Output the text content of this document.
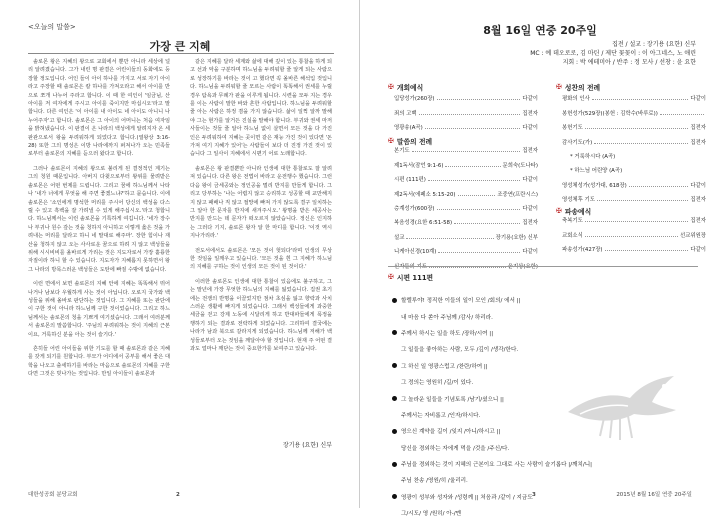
<오늘의 말씀>
가장 큰 지혜

솔로몬 왕은 지혜의 왕으로 교회에서 뿐만 아니라 세상에 널리 알려졌습니다. 그가 내린 명 판결은 어린이들의 동화에도 등장할 정도입니다. 어인 들이 아이 하나를 가지고 서로 자기 아이라고 주장할 때 솔로몬은 칼 하나를 가져오라고 해서 아이를 반으로 쪼개 나누어 주라고 합니다. 이 때 한 여인이 '임금님, 산 아이를 저 여자에게 주시고 아이를 죽이지만 마십시오'라고 말합니다. 다른 여인은 '이 아이를 내 아이도 네 아이도 아니니 나누어주자'고 합니다. 솔로몬은 그 아이의 어머니는 처음 여자임을 밝혀냈습니다. 이 판결이 온 나라의 백성에게 알려지자 온 세판관으로서 왕을 두려워하게 되었다고 합니다.(열왕상 3:16-28) 또한 그의 명성은 이방 나라에까지 퍼져나가 오는 민족들로부터 솔로몬의 지혜를 듣으러 왔다고 합니다.

그러나 솔로몬이 지혜의 왕으로 불리게 된 결정적인 계기는 그의 청원 때문입니다. 아버지 다윗으로부터 왕위를 물려받은 솔로몬은 어떤 번제를 드립니다. 그리고 꿈에 하느님께서 나타나 '내가 너에게 무엇을 해 주면 좋겠느냐?'하고 묻습니다. 이에 솔로몬은 '소인에게 명석한 머리를 주시어 당신의 백성을 다스릴 수 있고 흑백을 잘 가려낼 수 있게 해주십시오.'라고 청합니다. 하느님께서는 이런 솔로몬을 기특하게 여깁니다. '네가 장수나 부귀나 원수 갚는 것을 청하지 아니하고 이렇게 옳은 것을 가려내는 머리를 달라고 하니 네 말대로 해주마'. 장한 힘이나 재산을 청하지 않고 오는 사사로운 꿈으로 하려 지 않고 백성들을 위해 시시비비를 올바르게 가리는 것은 지도자로서 가장 훌륭한 자질이라 하니 할 수 있습니다. 지도자가 지혜롭지 못하면서 왕 그 나라의 방목스러운 백성들은 도탄에 빠질 수밖에 없습니다.

이런 면에서 보면 솔로몬의 지혜 안에 지혜는 똑똑해서 뛰어나거나 남보다 우월하게 사는 것이 아닙니다. 오로지 국가와 백성들을 위해 올바로 판단하는 것입니다. 그 지혜를 또는 판단에 이 구한 것이 아니라 하느님께 구한 것이었습니다. 그리고 하느님께서는 솔로몬의 청을 기쁘게 여기셨습니다. 그래서 여러분께서 솔로몬의 말씀합니다. '주님의 두려워하는 것이 지혜의 근본이요, 거룩하신 분을 아는 것이 슬기다.'

흔히들 어린 아이들을 위한 기도를 할 때 솔로몬과 같은 지혜를 갖게 되기를 원합니다. 부모가 어디에서 공부를 해서 좋은 대학을 나오고 출세하기를 바라는 마음으로 솔로몬의 지혜를 구한다면 그것은 빗나가는 것입니다. 만일 아이들이 솔로몬과

같은 지혜를 달라 세계와 삶에 대해 깊이 있는 통찰을 하게 되고 선과 악을 구분하며 하느님을 두려워할 줄 알게 되는 사람으로 성장하기를 바라는 것이 고 했다면 꼭 올바른 해석입 것입니다. 하느님을 두려워할 줄 모르는 사람이 똑똑해서 권세를 누릴 경우 탐욕과 무례가 판을 이루게 됩니다. 시련을 모두 지는 경우를 이는 사람이 말한 바와 흔한 사람입니다. 하느님을 두려워할 줄 아는 사람은 하정 겸을 가지 않습니다. 삶이 일찍 알까 말해야 그는 현가를 알거든 진실을 말해야 합니다. 부귀와 권세 마저 사들이는 것들 줄 알아 하느님 없이 살면서 모든 것을 다 가진 인은 두려워하여 지혜는 곳이면 같은 재능 가진 것이 있다면 '돈가져 여기 지혜가 있어'는 사람들이 보다 더 진정 가진 것이 있습니다 그 일사이 지혜에서 시편기 어로 노래합니다.

솔로몬은 왕 판결뿐만 아니라 인생에 대한 통찰로도 잘 알려져 있습니다. 다른 왕은 전법이 바라고 운전행수 했습니다. 그런 다음 왕이 금세공와는 정인공을 멀리 반지를 만들게 합니다. 그리고 당부하는 '나는 어렵지 않고 승리하고 성공할 때 교만해지지 않고 패배나 직 않고 절망에 빠져 가지 않도록 결구 일치하는 그 알아 한 문자를 반지에 새겨주시오.' 왕명을 받은 세공사는 반지를 만드는 데 문자가 떠오르지 않았습니다. 정신은 인지하는 그러다 기지, 솔로몬 왕자 알 한 마디를 합니다. '이것 역시 지나가리라.'

전도서에서도 솔로몬은 '모든 것이 헛되다'라며 인생의 무상한 것임을 일깨우고 있습니다. '모든 것을 흰 그 지혜가 하느님의 지혜를 구하는 것이 인생의 모든 것이 된 것이다.'

이러한 솔로몬도 인생에 대한 통찰이 있음에도 불구하고, 그는 말년에 가장 무엇한 하느님의 지혜를 잃었습니다. 집권 초기에는 전쟁의 반명을 이끌었지만 점차 초심을 잃고 향락과 사치스러운 생활에 빠지게 되었습니다. 그래서 백성들에게 과중한 세금을 걷고 강제 노동에 시달리게 하고 반대파들에게 폭정을 행하기 되는 결과로 전락하게 되었습니다. 그리하여 결국에는 나라가 남과 북으로 갈라지게 되었습니다. 하느님께 저해가 백성들로부터 오는 것임을 깨달아야 할 것입니다. 현재 주 어떤 결과도 얼마나 깨닫는 것이 중요한가를 보여주고 있습니다.

장기용 (요한) 신부
대한성공회 분당교회	2
8월 16일 연중 20주일
집전 / 설교 : 장기용 (요한) 신부
MC : 예 데오로로, 김 마틴 / 제단 꽃꽂이 : 이 아그네스, 노 애린
지회 : 박 에테미아 / 반주 : 정 모사 / 선창 : 윤 요한
✠ 개회예식
입당성가(260장)	다같이
죄의 고백	집전자
영광송(A곡)	다같이
✠ 말씀의 전례
본기도	집전자
제1독서(잠언 9:1-6)	문희숙(도나타)
시편 (111편)	다같이
제2독서(에페소 5:15-20)	조중연(프란시스)
층계성가(600장)	다같이
복음성경(요한 6:51-58)	집전자
설교	장기용(요한) 신부
니케아신경(10계)	다같이
신자들의 기도	윤지상(요한)
✠ 성찬의 전례
평화의 인사	다같이
봉헌성가(529장)(봉헌 : 김학수(바루로))
봉헌기도	집전자
감사기도(가)	집전자
* 거룩하시다 (A곡)
* 하느님 어린양 (A곡)
영성체성가(성가대, 618장)	다같이
영성체후 기도	집전자
✠ 파송예식
축복기도	집전자
교회소식	선교위원장
파송성가(427장)	다같이
✠ 시편 111편
할렐루야! 정직한 이들의 일이 모인 /회의/ 에서 ||
내 마음 다 쏟아 주님께 /감사/ 하리라.
주께서 하시는 일을 하도 /장하/시여 ||
그 일들을 좋아하는 사람, 모두 /깊이 /생각/한다.
그 하신 일 영광스럽고 /찬란/하여 ||
그 정의는 영원히 /길/이 있다.
그 놀라운 일들을 기념토록 /남기/셨으니 ||
주께서는 자비롭고 /인자/하시다.
영으신 계약을 길이 /잊지 /아니/하시고 ||
당신을 경외하는 자에게 먹을 /것을 /주신/다.
주님을 경외하는 것이 지혜의 근본이요 그대로 사는 사람이 슬기롭다 |/깨치/니|
주님 찬송 /영원/히 /울리리.
영광이 성부와 성자와 /성령께 || 처음과 /같이 / 지금도
그/시도/ 영 /원히/ 아-/멘
3	2015년 8월 16일 연중 20주일
